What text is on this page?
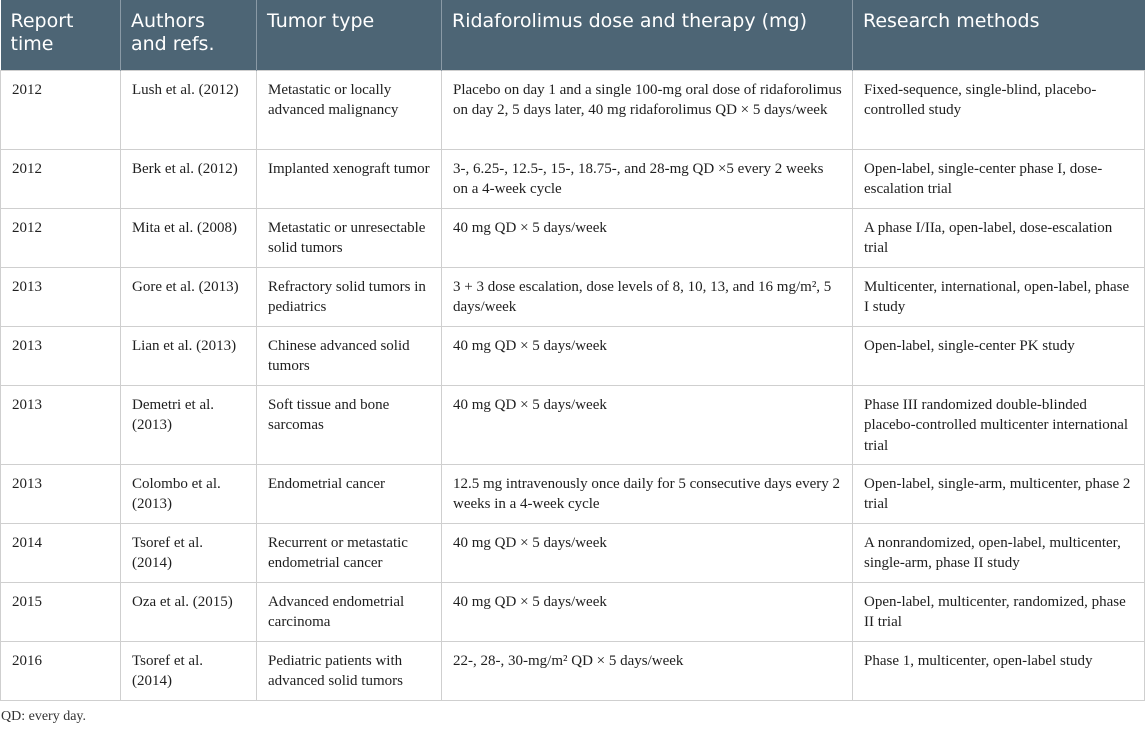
Report time	Authors and refs.	Tumor type	Ridaforolimus dose and therapy (mg)	Research methods
2012	Lush et al. (2012)	Metastatic or locally advanced malignancy	Placebo on day 1 and a single 100-mg oral dose of ridaforolimus on day 2, 5 days later, 40 mg ridaforolimus QD × 5 days/week	Fixed-sequence, single-blind, placebo-controlled study
2012	Berk et al. (2012)	Implanted xenograft tumor	3-, 6.25-, 12.5-, 15-, 18.75-, and 28-mg QD ×5 every 2 weeks on a 4-week cycle	Open-label, single-center phase I, dose-escalation trial
2012	Mita et al. (2008)	Metastatic or unresectable solid tumors	40 mg QD × 5 days/week	A phase I/IIa, open-label, dose-escalation trial
2013	Gore et al. (2013)	Refractory solid tumors in pediatrics	3 + 3 dose escalation, dose levels of 8, 10, 13, and 16 mg/m², 5 days/week	Multicenter, international, open-label, phase I study
2013	Lian et al. (2013)	Chinese advanced solid tumors	40 mg QD × 5 days/week	Open-label, single-center PK study
2013	Demetri et al. (2013)	Soft tissue and bone sarcomas	40 mg QD × 5 days/week	Phase III randomized double-blinded placebo-controlled multicenter international trial
2013	Colombo et al. (2013)	Endometrial cancer	12.5 mg intravenously once daily for 5 consecutive days every 2 weeks in a 4-week cycle	Open-label, single-arm, multicenter, phase 2 trial
2014	Tsoref et al. (2014)	Recurrent or metastatic endometrial cancer	40 mg QD × 5 days/week	A nonrandomized, open-label, multicenter, single-arm, phase II study
2015	Oza et al. (2015)	Advanced endometrial carcinoma	40 mg QD × 5 days/week	Open-label, multicenter, randomized, phase II trial
2016	Tsoref et al. (2014)	Pediatric patients with advanced solid tumors	22-, 28-, 30-mg/m² QD × 5 days/week	Phase 1, multicenter, open-label study
QD: every day.
